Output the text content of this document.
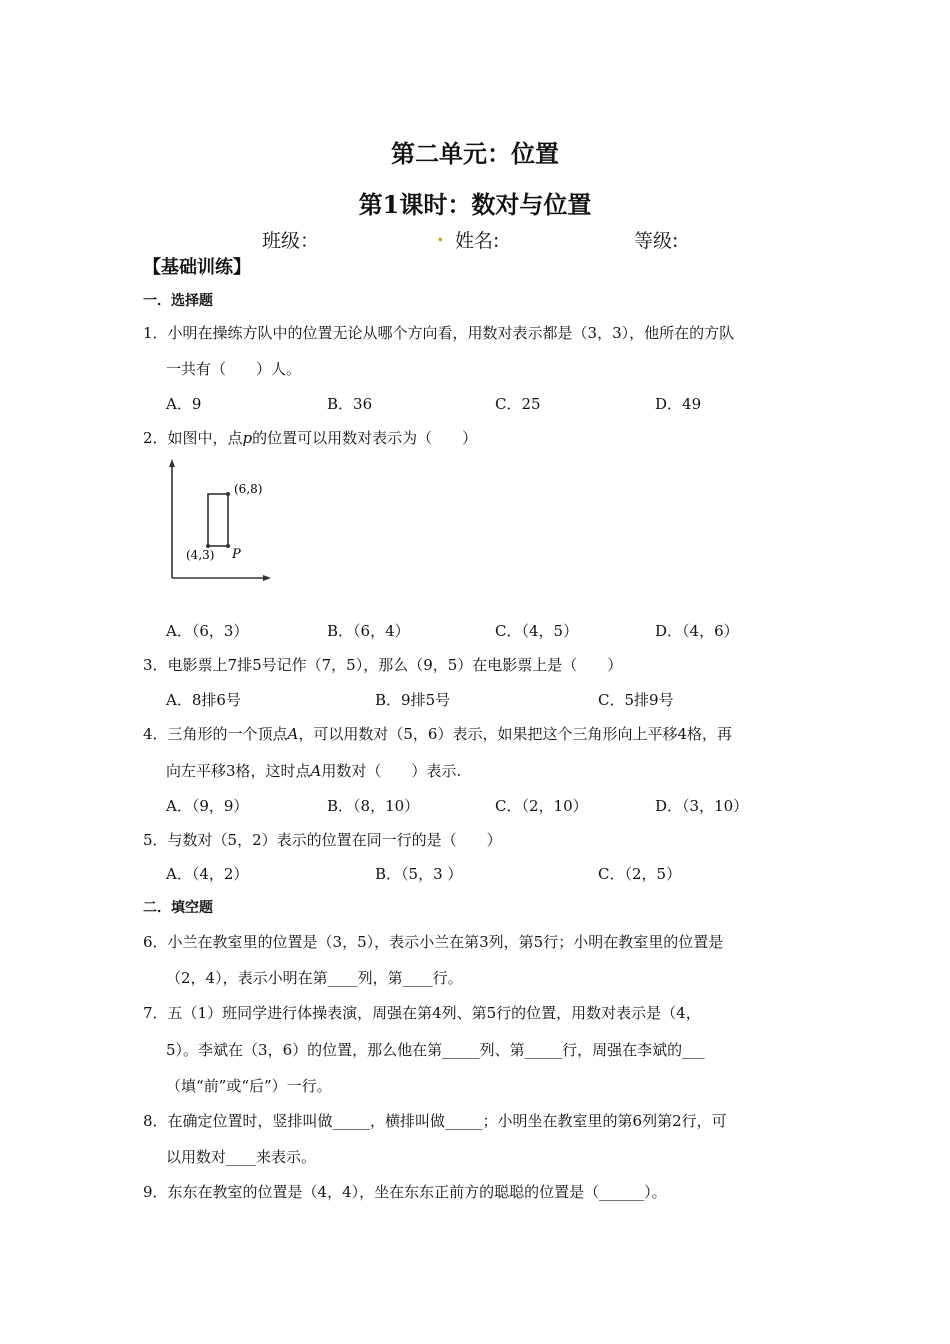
第二单元：位置
第1课时：数对与位置
班级：	. 姓名:	等级:
【基础训练】
一．选择题
1．小明在操练方队中的位置无论从哪个方向看，用数对表示都是（3，3），他所在的方队
一共有（　　）人。
A．9	B．36	C．25	D．49
2．如图中，点p的位置可以用数对表示为（　　）
(6,8)
(4,3) P
A．（6，3）	B．（6，4）	C．（4，5）	D．（4，6）
3．电影票上7排5号记作（7，5），那么（9，5）在电影票上是（　　）
A．8排6号	B．9排5号	C．5排9号
4．三角形的一个顶点A，可以用数对（5，6）表示，如果把这个三角形向上平移4格，再
向左平移3格，这时点A用数对（　　）表示.
A．（9，9）	B．（8，10）	C．（2，10）	D．（3，10）
5．与数对（5，2）表示的位置在同一行的是（　　）
A．（4，2）	B．（5，3 ）	C．（2，5）
二．填空题
6．小兰在教室里的位置是（3，5），表示小兰在第3列，第5行；小明在教室里的位置是
（2，4），表示小明在第____列，第____行。
7．五（1）班同学进行体操表演，周强在第4列、第5行的位置，用数对表示是（4，
5）。李斌在（3，6）的位置，那么他在第_____列、第_____行，周强在李斌的___
（填“前”或“后”）一行。
8．在确定位置时，竖排叫做_____，横排叫做_____；小明坐在教室里的第6列第2行，可
以用数对____来表示。
9．东东在教室的位置是（4，4），坐在东东正前方的聪聪的位置是（______）。
